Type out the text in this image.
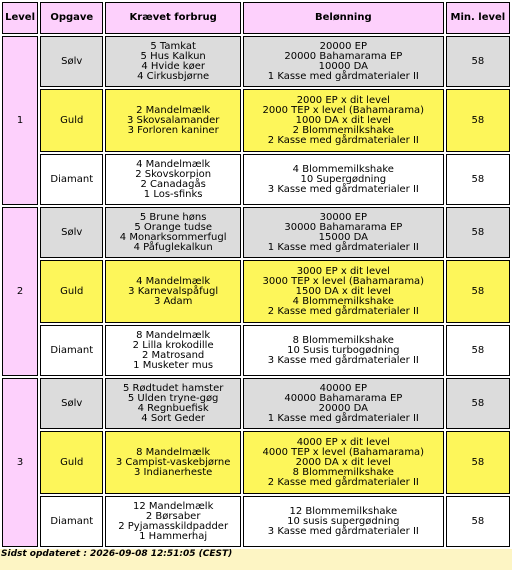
Level	Opgave	Krævet forbrug	Belønning	Min. level
1	Sølv	5 Tamkat
5 Hus Kalkun
4 Hvide køer
4 Cirkusbjørne	20000 EP
20000 Bahamarama EP
10000 DA
1 Kasse med gårdmaterialer II	58
	Guld	2 Mandelmælk
3 Skovsalamander
3 Forloren kaniner	2000 EP x dit level
2000 TEP x level (Bahamarama)
1000 DA x dit level
2 Blommemilkshake
2 Kasse med gårdmaterialer II	58
	Diamant	4 Mandelmælk
2 Skovskorpion
2 Canadagås
1 Los-sfinks	4 Blommemilkshake
10 Supergødning
3 Kasse med gårdmaterialer II	58
2	Sølv	5 Brune høns
5 Orange tudse
4 Monarksommerfugl
4 Påfuglekalkun	30000 EP
30000 Bahamarama EP
15000 DA
1 Kasse med gårdmaterialer II	58
	Guld	4 Mandelmælk
3 Karnevalspåfugl
3 Adam	3000 EP x dit level
3000 TEP x level (Bahamarama)
1500 DA x dit level
4 Blommemilkshake
2 Kasse med gårdmaterialer II	58
	Diamant	8 Mandelmælk
2 Lilla krokodille
2 Matrosand
1 Musketer mus	8 Blommemilkshake
10 Susis turbogødning
3 Kasse med gårdmaterialer II	58
3	Sølv	5 Rødtudet hamster
5 Ulden tryne-gøg
4 Regnbuefisk
4 Sort Geder	40000 EP
40000 Bahamarama EP
20000 DA
1 Kasse med gårdmaterialer II	58
	Guld	8 Mandelmælk
3 Campist-vaskebjørne
3 Indianerheste	4000 EP x dit level
4000 TEP x level (Bahamarama)
2000 DA x dit level
8 Blommemilkshake
2 Kasse med gårdmaterialer II	58
	Diamant	12 Mandelmælk
2 Børsaber
2 Pyjamasskildpadder
1 Hammerhaj	12 Blommemilkshake
10 susis supergødning
3 Kasse med gårdmaterialer II	58
Sidst opdateret : 2026-09-08 12:51:05 (CEST)
